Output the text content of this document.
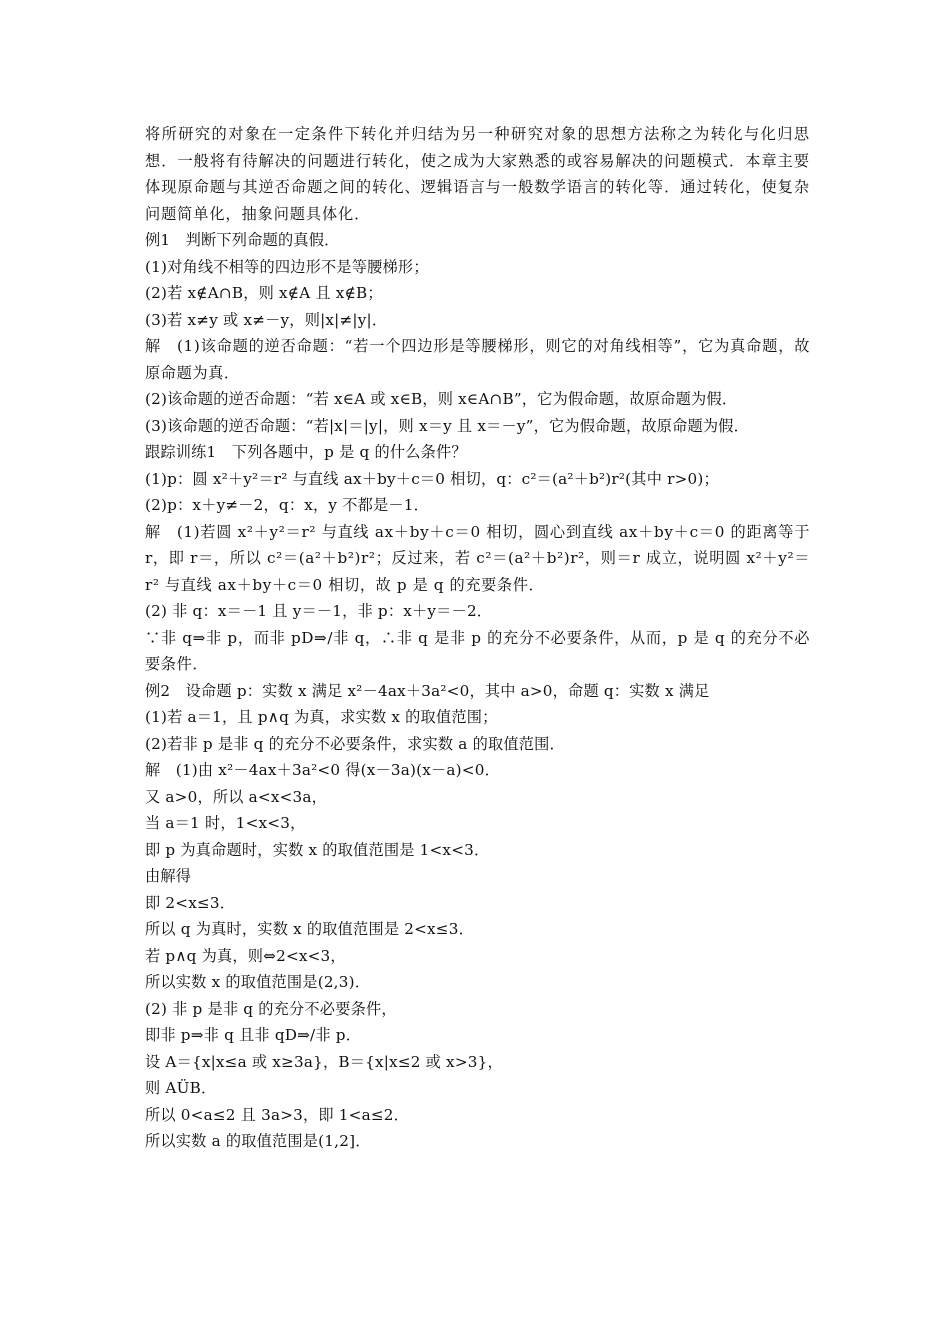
将所研究的对象在一定条件下转化并归结为另一种研究对象的思想方法称之为转化与化归思想．一般将有待解决的问题进行转化，使之成为大家熟悉的或容易解决的问题模式．本章主要体现原命题与其逆否命题之间的转化、逻辑语言与一般数学语言的转化等．通过转化，使复杂问题简单化，抽象问题具体化．

例1　判断下列命题的真假．
(1)对角线不相等的四边形不是等腰梯形；
(2)若 x∉A∩B，则 x∉A 且 x∉B；
(3)若 x≠y 或 x≠－y，则|x|≠|y|．
解　(1)该命题的逆否命题：“若一个四边形是等腰梯形，则它的对角线相等”，它为真命题，故原命题为真．
(2)该命题的逆否命题：“若 x∈A 或 x∈B，则 x∈A∩B”，它为假命题，故原命题为假．
(3)该命题的逆否命题：“若|x|＝|y|，则 x＝y 且 x＝－y”，它为假命题，故原命题为假．
跟踪训练1　下列各题中，p 是 q 的什么条件？
(1)p：圆 x²＋y²＝r² 与直线 ax＋by＋c＝0 相切，q：c²＝(a²＋b²)r²(其中 r>0)；
(2)p：x＋y≠－2，q：x，y 不都是－1．
解　(1)若圆 x²＋y²＝r² 与直线 ax＋by＋c＝0 相切，圆心到直线 ax＋by＋c＝0 的距离等于 r，即 r＝，所以 c²＝(a²＋b²)r²；反过来，若 c²＝(a²＋b²)r²，则＝r 成立，说明圆 x²＋y²＝r² 与直线 ax＋by＋c＝0 相切，故 p 是 q 的充要条件．
(2) 非 q：x＝－1 且 y＝－1，非 p：x＋y＝－2．
∵非 q⇒非 p，而非 pD⇒/非 q，∴非 q 是非 p 的充分不必要条件，从而，p 是 q 的充分不必要条件．
例2　设命题 p：实数 x 满足 x²－4ax＋3a²<0，其中 a>0，命题 q：实数 x 满足
(1)若 a＝1，且 p∧q 为真，求实数 x 的取值范围；
(2)若非 p 是非 q 的充分不必要条件，求实数 a 的取值范围．
解　(1)由 x²－4ax＋3a²<0 得(x－3a)(x－a)<0．
又 a>0，所以 a<x<3a，
当 a＝1 时，1<x<3，
即 p 为真命题时，实数 x 的取值范围是 1<x<3．
由解得
即 2<x≤3．
所以 q 为真时，实数 x 的取值范围是 2<x≤3．
若 p∧q 为真，则⇔2<x<3，
所以实数 x 的取值范围是(2,3)．
(2) 非 p 是非 q 的充分不必要条件，
即非 p⇒非 q 且非 qD⇒/非 p．
设 A＝{x|x≤a 或 x≥3a}，B＝{x|x≤2 或 x>3}，
则 AÜB．
所以 0<a≤2 且 3a>3，即 1<a≤2．
所以实数 a 的取值范围是(1,2]．
